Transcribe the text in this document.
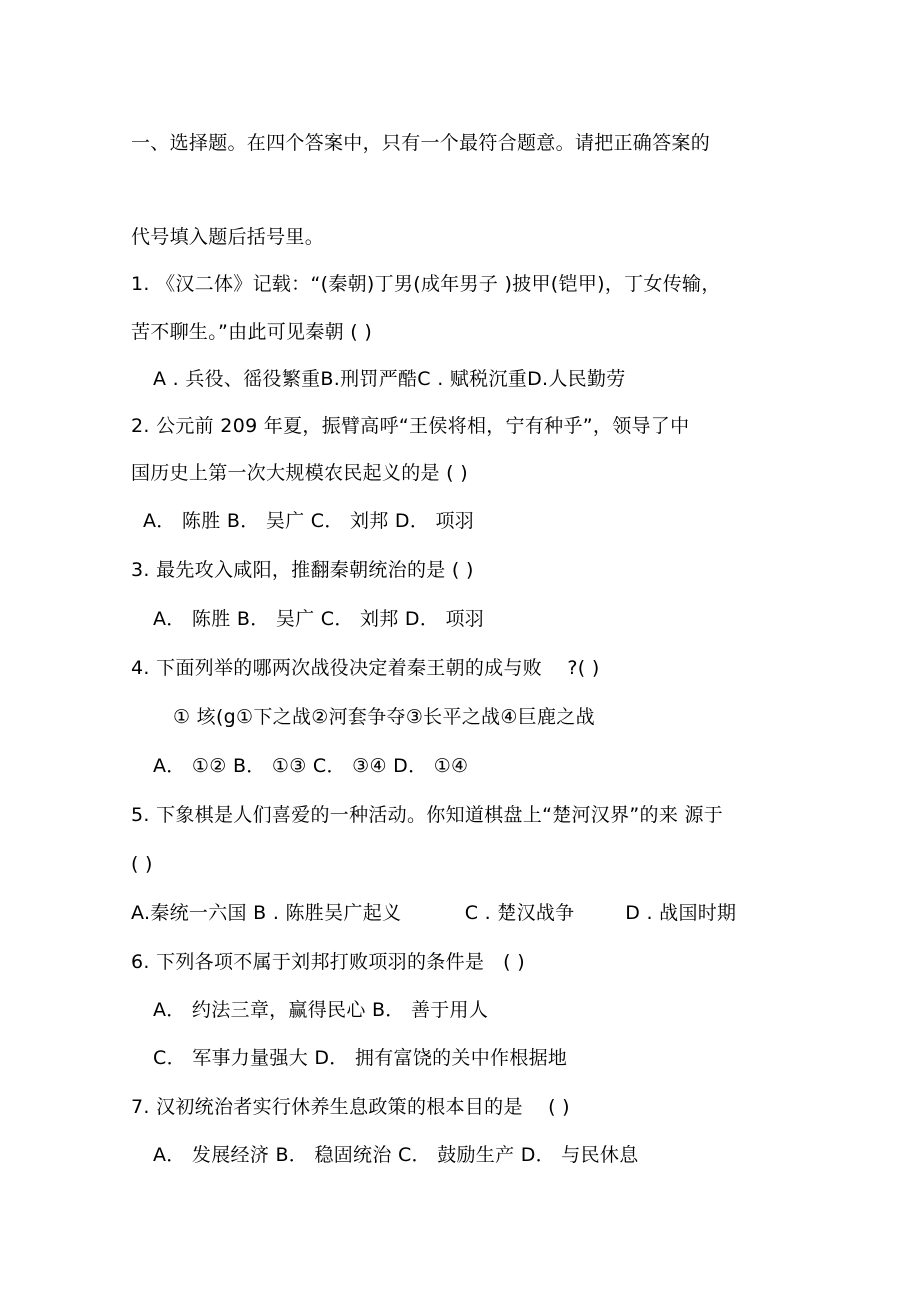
一、选择题。在四个答案中，只有一个最符合题意。请把正确答案的
代号填入题后括号里。
1. 《汉二体》记载：“(秦朝)丁男(成年男子 )披甲(铠甲)，丁女传输，
苦不聊生。”由此可见秦朝 ( )
A . 兵役、徭役繁重B.刑罚严酷C . 赋税沉重D.人民勤劳
2. 公元前 209 年夏，振臂高呼“王侯将相，宁有种乎”，领导了中
国历史上第一次大规模农民起义的是 ( )
A． 陈胜 B． 吴广 C． 刘邦 D． 项羽
3. 最先攻入咸阳，推翻秦朝统治的是 ( )
A． 陈胜 B． 吴广 C． 刘邦 D． 项羽
4. 下面列举的哪两次战役决定着秦王朝的成与败    ?( )
① 垓(g①下之战②河套争夺③长平之战④巨鹿之战
A． ①② B． ①③ C． ③④ D． ①④
5. 下象棋是人们喜爱的一种活动。你知道棋盘上“楚河汉界”的来 源于
( )
A.秦统一六国 B . 陈胜吴广起义          C . 楚汉战争        D . 战国时期
6. 下列各项不属于刘邦打败项羽的条件是   ( )
A． 约法三章，赢得民心 B． 善于用人
C． 军事力量强大 D． 拥有富饶的关中作根据地
7. 汉初统治者实行休养生息政策的根本目的是    ( )
A． 发展经济 B． 稳固统治 C． 鼓励生产 D． 与民休息
